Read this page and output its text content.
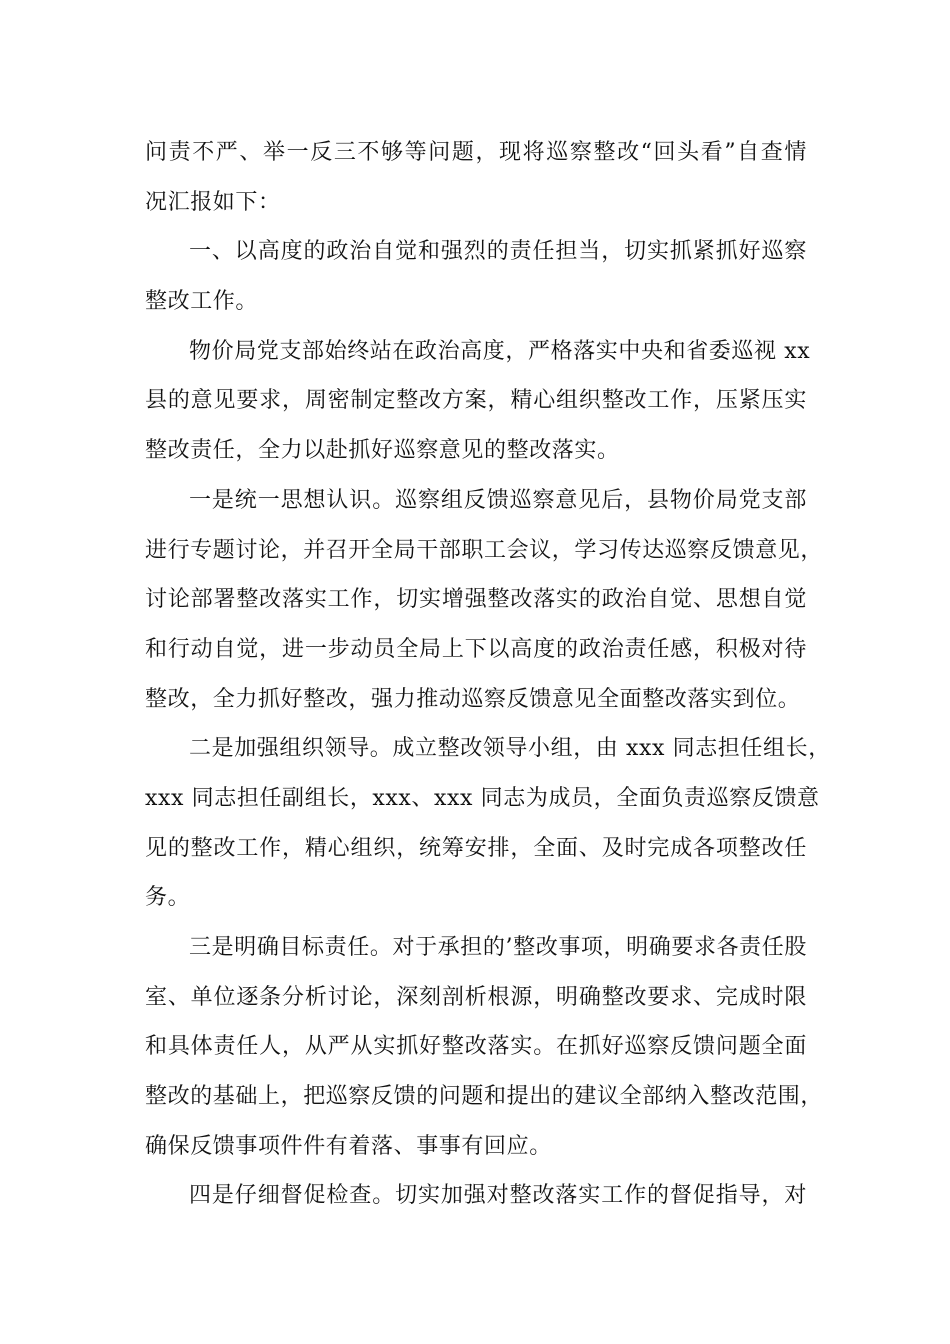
问责不严、举一反三不够等问题，现将巡察整改“回头看”自查情
况汇报如下：
一、以高度的政治自觉和强烈的责任担当，切实抓紧抓好巡察
整改工作。
物价局党支部始终站在政治高度，严格落实中央和省委巡视 xx
县的意见要求，周密制定整改方案，精心组织整改工作，压紧压实
整改责任，全力以赴抓好巡察意见的整改落实。
一是统一思想认识。巡察组反馈巡察意见后，县物价局党支部
进行专题讨论，并召开全局干部职工会议，学习传达巡察反馈意见，
讨论部署整改落实工作，切实增强整改落实的政治自觉、思想自觉
和行动自觉，进一步动员全局上下以高度的政治责任感，积极对待
整改，全力抓好整改，强力推动巡察反馈意见全面整改落实到位。
二是加强组织领导。成立整改领导小组，由 xxx 同志担任组长，
xxx 同志担任副组长，xxx、xxx 同志为成员，全面负责巡察反馈意
见的整改工作，精心组织，统筹安排，全面、及时完成各项整改任
务。
三是明确目标责任。对于承担的’整改事项，明确要求各责任股
室、单位逐条分析讨论，深刻剖析根源，明确整改要求、完成时限
和具体责任人，从严从实抓好整改落实。在抓好巡察反馈问题全面
整改的基础上，把巡察反馈的问题和提出的建议全部纳入整改范围，
确保反馈事项件件有着落、事事有回应。
四是仔细督促检查。切实加强对整改落实工作的督促指导，对
